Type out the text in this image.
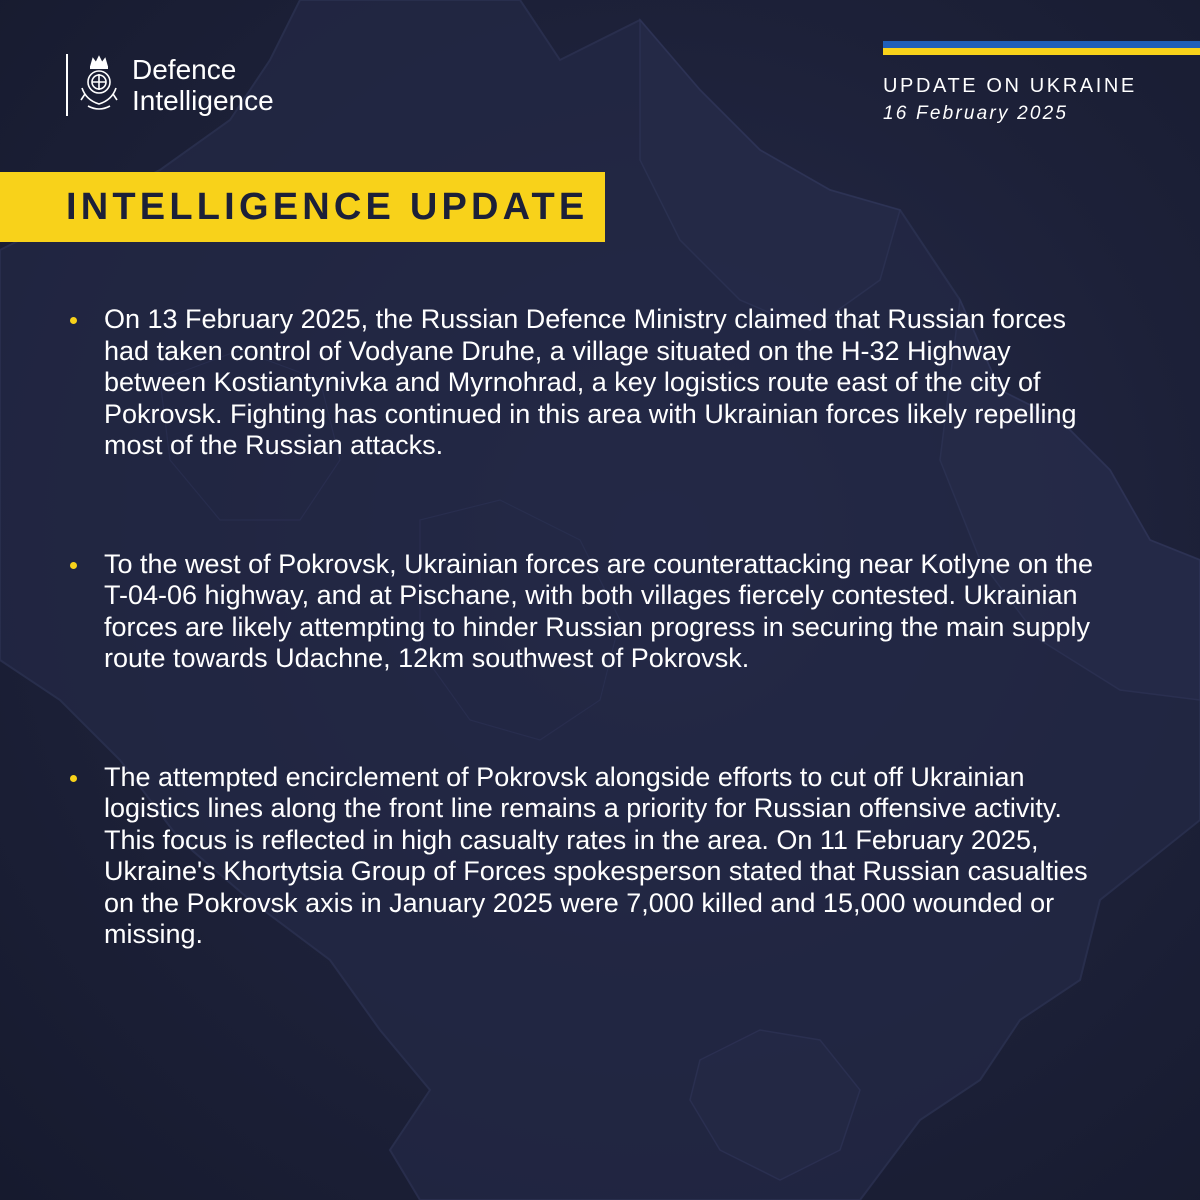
Defence
Intelligence	UPDATE ON UKRAINE
16 February 2025
INTELLIGENCE UPDATE
On 13 February 2025, the Russian Defence Ministry claimed that Russian forces had taken control of Vodyane Druhe, a village situated on the H-32 Highway between Kostiantynivka and Myrnohrad, a key logistics route east of the city of Pokrovsk. Fighting has continued in this area with Ukrainian forces likely repelling most of the Russian attacks.
To the west of Pokrovsk, Ukrainian forces are counterattacking near Kotlyne on the T-04-06 highway, and at Pischane, with both villages fiercely contested. Ukrainian forces are likely attempting to hinder Russian progress in securing the main supply route towards Udachne, 12km southwest of Pokrovsk.
The attempted encirclement of Pokrovsk alongside efforts to cut off Ukrainian logistics lines along the front line remains a priority for Russian offensive activity. This focus is reflected in high casualty rates in the area. On 11 February 2025, Ukraine's Khortytsia Group of Forces spokesperson stated that Russian casualties on the Pokrovsk axis in January 2025 were 7,000 killed and 15,000 wounded or missing.
